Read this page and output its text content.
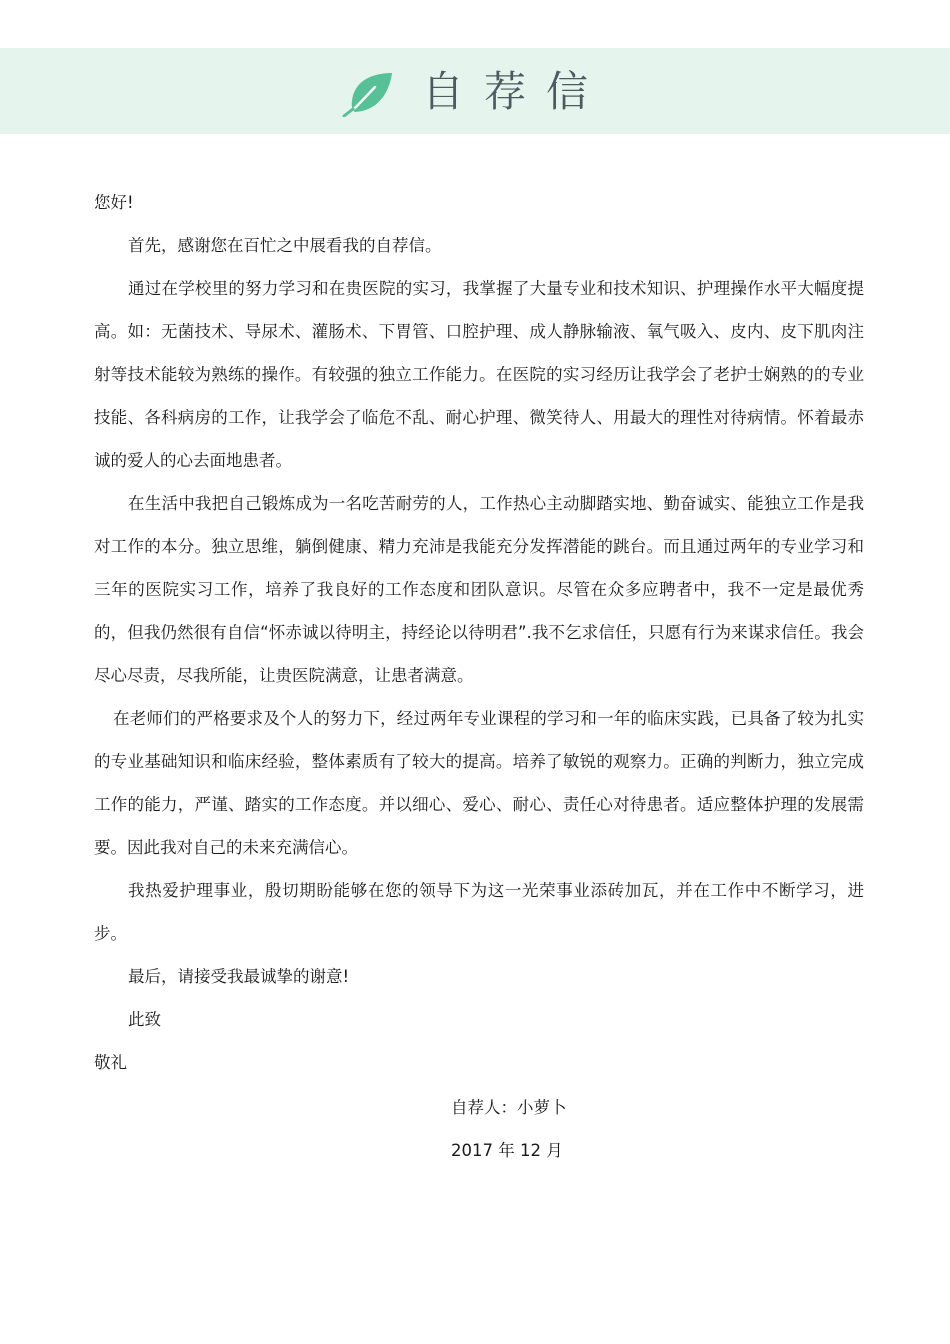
自荐信

您好!

首先，感谢您在百忙之中展看我的自荐信。

通过在学校里的努力学习和在贵医院的实习，我掌握了大量专业和技术知识、护理操作水平大幅度提高。如：无菌技术、导尿术、灌肠术、下胃管、口腔护理、成人静脉输液、氧气吸入、皮内、皮下肌肉注射等技术能较为熟练的操作。有较强的独立工作能力。在医院的实习经历让我学会了老护士娴熟的的专业技能、各科病房的工作，让我学会了临危不乱、耐心护理、微笑待人、用最大的理性对待病情。怀着最赤诚的爱人的心去面地患者。

在生活中我把自己锻炼成为一名吃苦耐劳的人，工作热心主动脚踏实地、勤奋诚实、能独立工作是我对工作的本分。独立思维，躺倒健康、精力充沛是我能充分发挥潜能的跳台。而且通过两年的专业学习和三年的医院实习工作，培养了我良好的工作态度和团队意识。尽管在众多应聘者中，我不一定是最优秀的，但我仍然很有自信“怀赤诚以待明主，持经论以待明君”.我不乞求信任，只愿有行为来谋求信任。我会尽心尽责，尽我所能，让贵医院满意，让患者满意。

在老师们的严格要求及个人的努力下，经过两年专业课程的学习和一年的临床实践，已具备了较为扎实的专业基础知识和临床经验，整体素质有了较大的提高。培养了敏锐的观察力。正确的判断力，独立完成工作的能力，严谨、踏实的工作态度。并以细心、爱心、耐心、责任心对待患者。适应整体护理的发展需要。因此我对自己的未来充满信心。

我热爱护理事业，殷切期盼能够在您的领导下为这一光荣事业添砖加瓦，并在工作中不断学习，进步。

最后，请接受我最诚挚的谢意!

此致

敬礼

自荐人：小萝卜
2017 年 12 月
